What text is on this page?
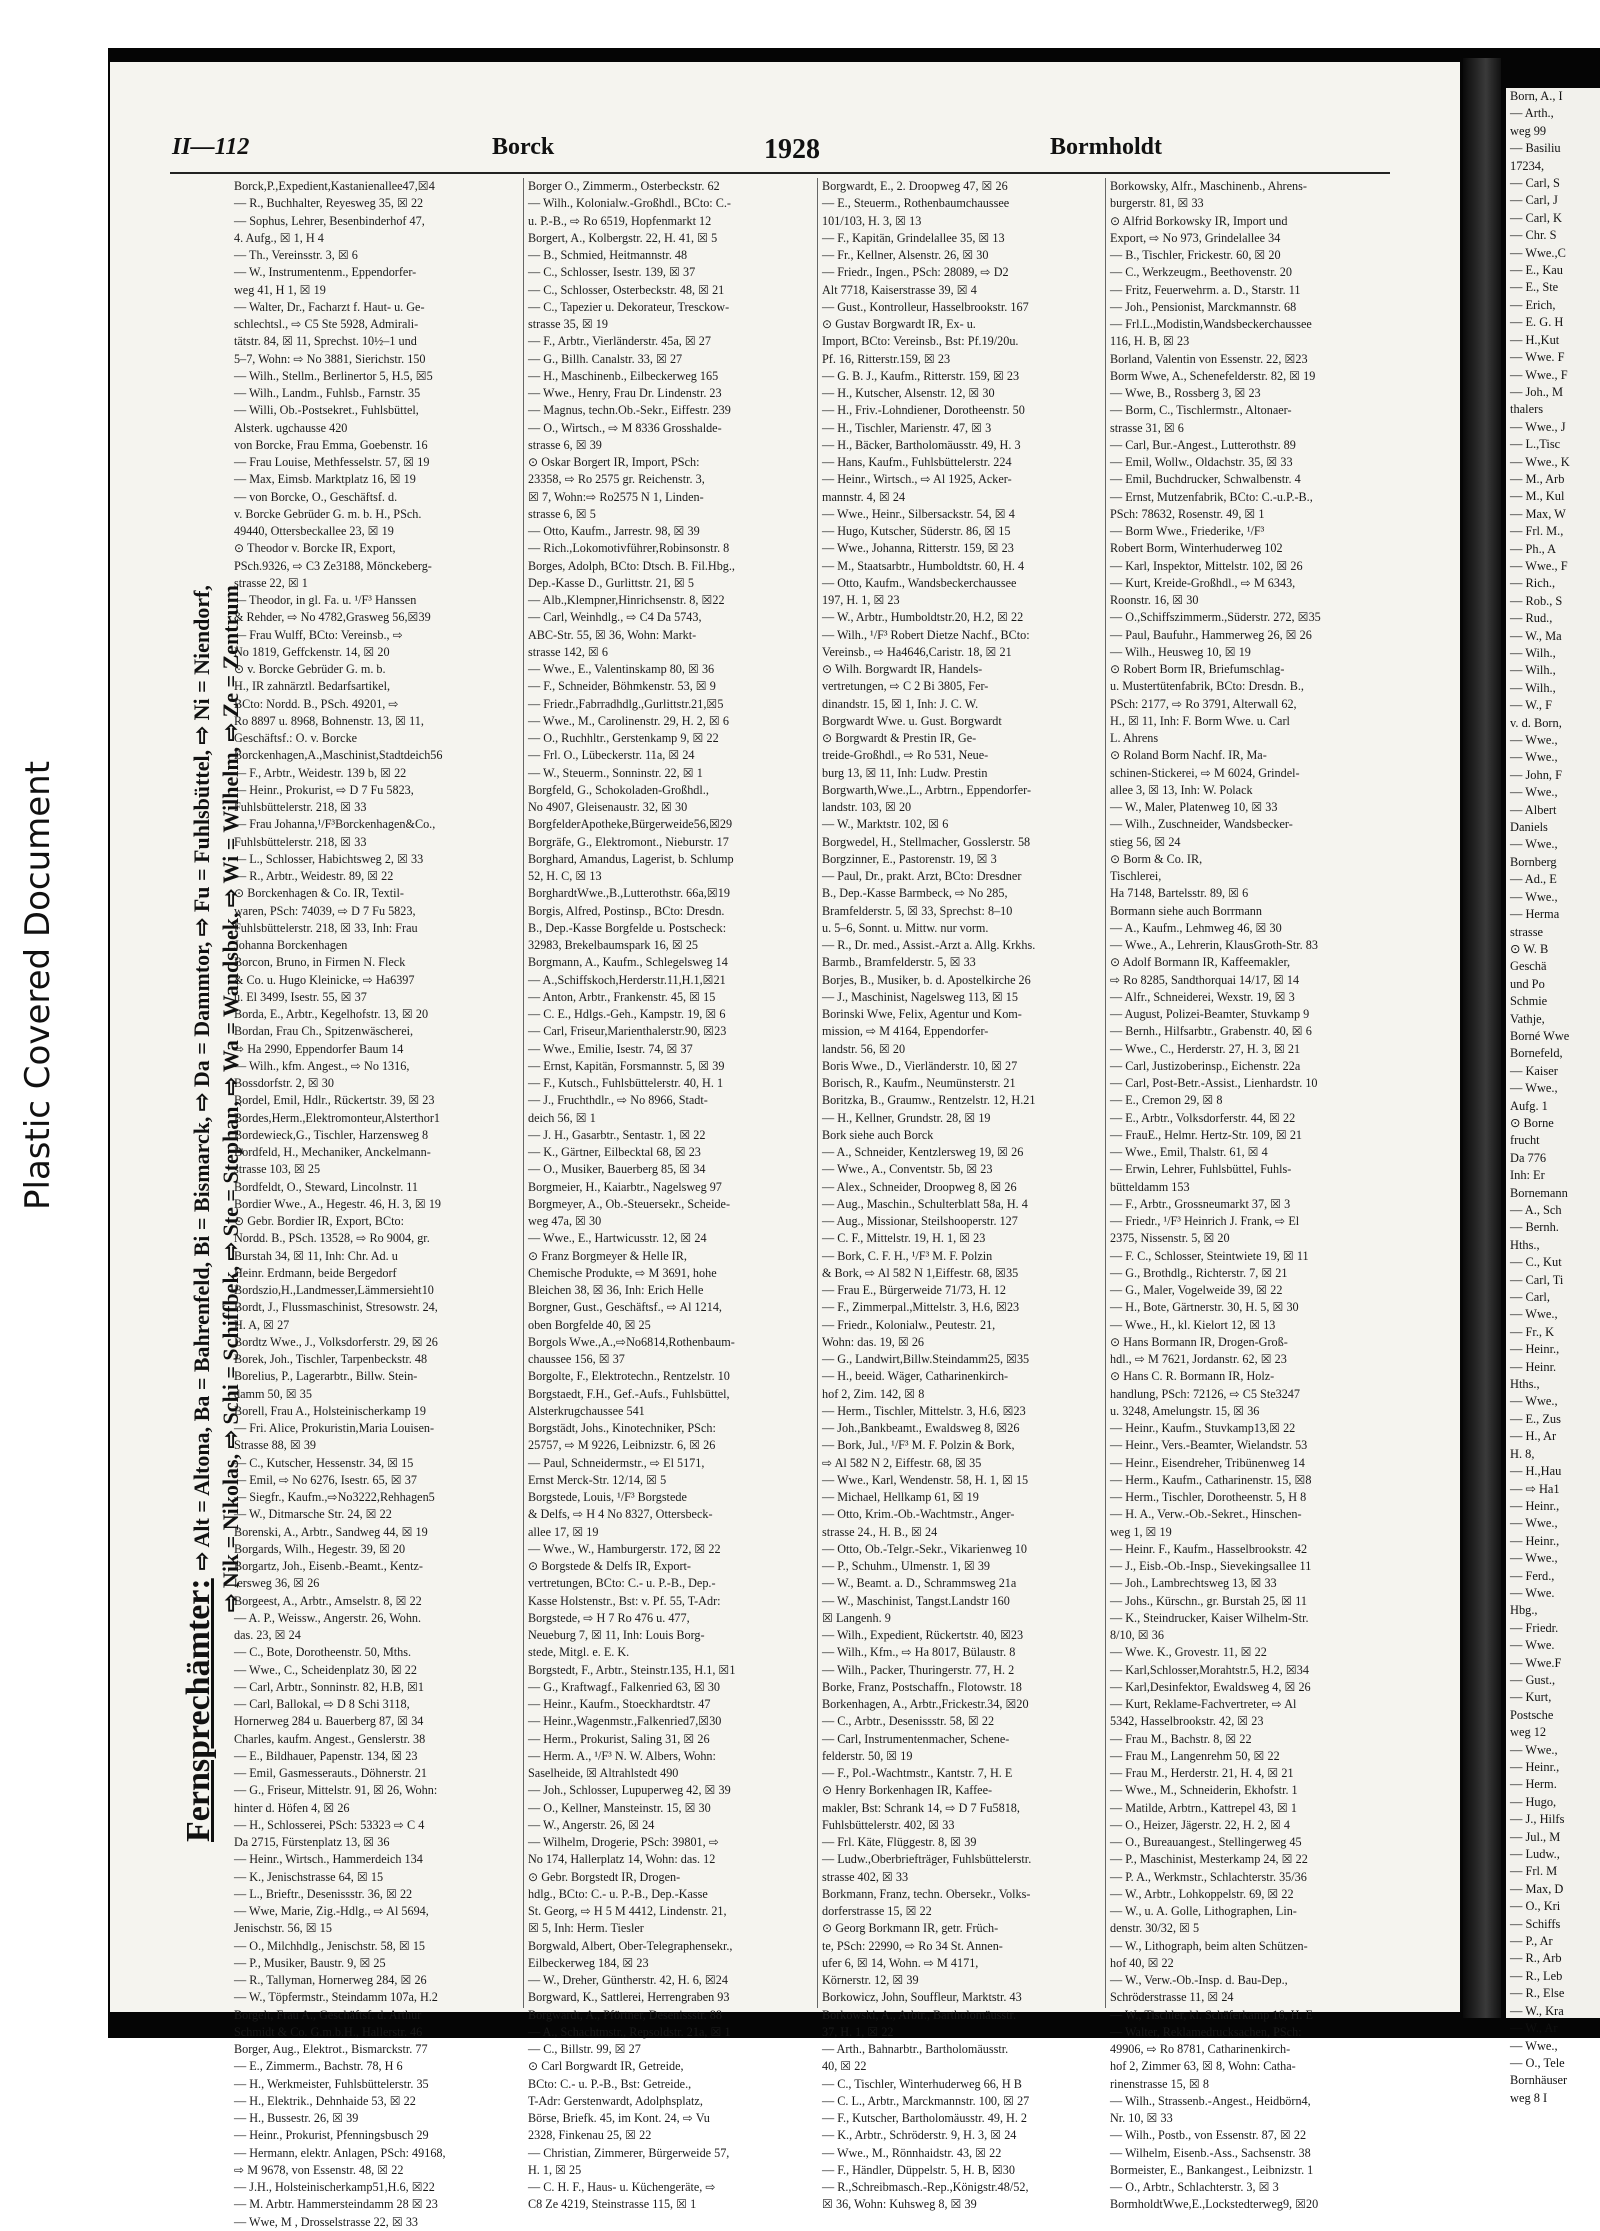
Plastic Covered Document
II—112	Borck	1928	Bormholdt
Fernsprechämter:⇨ Alt = Altona, Ba = Bahrenfeld, Bi = Bismarck, ⇨ Da = Dammtor, ⇨ Fu = Fuhlsbüttel, ⇨ Ni = Niendorf, ⇨ Nik = Nikolas, ⇨ Schi = Schiffbek, ⇨ Ste = Stephan, ⇨ Wa = Wandsbek, ⇨ Wi = Wilhelm, ⇨ Ze = Zentrum
Borck,P.,Expedient,Kastanienallee47,☒4
— R., Buchhalter, Reyesweg 35, ☒ 22
— Sophus, Lehrer, Besenbinderhof 47,
4. Aufg., ☒ 1, H 4
— Th., Vereinsstr. 3, ☒ 6
— W., Instrumentenm., Eppendorfer-
weg 41, H 1, ☒ 19
— Walter, Dr., Facharzt f. Haut- u. Ge-
schlechtsl., ⇨ C5 Ste 5928, Admirali-
tätstr. 84, ☒ 11, Sprechst. 10½–1 und
5–7, Wohn: ⇨ No 3881, Sierichstr. 150
— Wilh., Stellm., Berlinertor 5, H.5, ☒5
— Wilh., Landm., Fuhlsb., Farnstr. 35
— Willi, Ob.-Postsekret., Fuhlsbüttel,
Alsterk. ugchausse 420
von Borcke, Frau Emma, Goebenstr. 16
— Frau Louise, Methfesselstr. 57, ☒ 19
— Max, Eimsb. Marktplatz 16, ☒ 19
— von Borcke, O., Geschäftsf. d.
v. Borcke Gebrüder G. m. b. H., PSch.
49440, Ottersbeckallee 23, ☒ 19
⊙ Theodor v. Borcke IR, Export,
PSch.9326, ⇨ C3 Ze3188, Mönckeberg-
strasse 22, ☒ 1
— Theodor, in gl. Fa. u. ¹/F³ Hanssen
& Rehder, ⇨ No 4782,Grasweg 56,☒39
— Frau Wulff, BCto: Vereinsb., ⇨
No 1819, Geffckenstr. 14, ☒ 20
⊙ v. Borcke Gebrüder G. m. b.
H., IR zahnärztl. Bedarfsartikel,
BCto: Nordd. B., PSch. 49201, ⇨
Ro 8897 u. 8968, Bohnenstr. 13, ☒ 11,
Geschäftsf.: O. v. Borcke
Borckenhagen,A.,Maschinist,Stadtdeich56
— F., Arbtr., Weidestr. 139 b, ☒ 22
— Heinr., Prokurist, ⇨ D 7 Fu 5823,
Fuhlsbüttelerstr. 218, ☒ 33
— Frau Johanna,¹/F³Borckenhagen&Co.,
Fuhlsbüttelerstr. 218, ☒ 33
— L., Schlosser, Habichtsweg 2, ☒ 33
— R., Arbtr., Weidestr. 89, ☒ 22
⊙ Borckenhagen & Co. IR, Textil-
waren, PSch: 74039, ⇨ D 7 Fu 5823,
Fuhlsbüttelerstr. 218, ☒ 33, Inh: Frau
Johanna Borckenhagen
Borcon, Bruno, in Firmen N. Fleck
& Co. u. Hugo Kleinicke, ⇨ Ha6397
u. El 3499, Isestr. 55, ☒ 37
Borda, E., Arbtr., Kegelhofstr. 13, ☒ 20
Bordan, Frau Ch., Spitzenwäscherei,
⇨ Ha 2990, Eppendorfer Baum 14
— Wilh., kfm. Angest., ⇨ No 1316,
Bossdorfstr. 2, ☒ 30
Bordel, Emil, Hdlr., Rückertstr. 39, ☒ 23
Bordes,Herm.,Elektromonteur,Alsterthor1
Bordewieck,G., Tischler, Harzensweg 8
Bordfeld, H., Mechaniker, Anckelmann-
strasse 103, ☒ 25
Bordfeldt, O., Steward, Lincolnstr. 11
Bordier Wwe., A., Hegestr. 46, H. 3, ☒ 19
⊙ Gebr. Bordier IR, Export, BCto:
Nordd. B., PSch. 13528, ⇨ Ro 9004, gr.
Burstah 34, ☒ 11, Inh: Chr. Ad. u
Heinr. Erdmann, beide Bergedorf
Bordszio,H.,Landmesser,Lämmersieht10
Bordt, J., Flussmaschinist, Stresowstr. 24,
H. A, ☒ 27
Bordtz Wwe., J., Volksdorferstr. 29, ☒ 26
Borek, Joh., Tischler, Tarpenbeckstr. 48
Borelius, P., Lagerarbtr., Billw. Stein-
damm 50, ☒ 35
Borell, Frau A., Holsteinischerkamp 19
— Fri. Alice, Prokuristin,Maria Louisen-
Strasse 88, ☒ 39
— C., Kutscher, Hessenstr. 34, ☒ 15
— Emil, ⇨ No 6276, Isestr. 65, ☒ 37
— Siegfr., Kaufm.,⇨No3222,Rehhagen5
— W., Ditmarsche Str. 24, ☒ 22
Borenski, A., Arbtr., Sandweg 44, ☒ 19
Borgards, Wilh., Hegestr. 39, ☒ 20
Borgartz, Joh., Eisenb.-Beamt., Kentz-
lersweg 36, ☒ 26
Borgeest, A., Arbtr., Amselstr. 8, ☒ 22
— A. P., Weissw., Angerstr. 26, Wohn.
das. 23, ☒ 24
— C., Bote, Dorotheenstr. 50, Mths.
— Wwe., C., Scheidenplatz 30, ☒ 22
— Carl, Arbtr., Sonninstr. 82, H.B, ☒1
— Carl, Ballokal, ⇨ D 8 Schi 3118,
Hornerweg 284 u. Bauerberg 87, ☒ 34
Charles, kaufm. Angest., Genslerstr. 38
— E., Bildhauer, Papenstr. 134, ☒ 23
— Emil, Gasmesserauts., Döhnerstr. 21
— G., Friseur, Mittelstr. 91, ☒ 26, Wohn:
hinter d. Höfen 4, ☒ 26
— H., Schlosserei, PSch: 53323 ⇨ C 4
Da 2715, Fürstenplatz 13, ☒ 36
— Heinr., Wirtsch., Hammerdeich 134
— K., Jenischstrasse 64, ☒ 15
— L., Brieftr., Desenissstr. 36, ☒ 22
— Wwe, Marie, Zig.-Hdlg., ⇨ Al 5694,
Jenischstr. 56, ☒ 15
— O., Milchhdlg., Jenischstr. 58, ☒ 15
— P., Musiker, Baustr. 9, ☒ 25
— R., Tallyman, Hornerweg 284, ☒ 26
— W., Töpfermstr., Steindamm 107a, H.2
Borgelt, Frau A., Geschäftsf. d. Arthur
Schmidt & Co. G.m.b.H., Hallerstr. 46
Borger, Aug., Elektrot., Bismarckstr. 77
— E., Zimmerm., Bachstr. 78, H 6
— H., Werkmeister, Fuhlsbüttelerstr. 35
— H., Elektrik., Dehnhaide 53, ☒ 22
— H., Bussestr. 26, ☒ 39
— Heinr., Prokurist, Pfenningsbusch 29
— Hermann, elektr. Anlagen, PSch: 49168,
⇨ M 9678, von Essenstr. 48, ☒ 22
— J.H., Holsteinischerkamp51,H.6, ☒22
— M. Arbtr. Hammersteindamm 28 ☒ 23
— Wwe, M , Drosselstrasse 22, ☒ 33
Borger O., Zimmerm., Osterbeckstr. 62
— Wilh., Kolonialw.-Großhdl., BCto: C.-
u. P.-B., ⇨ Ro 6519, Hopfenmarkt 12
Borgert, A., Kolbergstr. 22, H. 41, ☒ 5
— B., Schmied, Heitmannstr. 48
— C., Schlosser, Isestr. 139, ☒ 37
— C., Schlosser, Osterbeckstr. 48, ☒ 21
— C., Tapezier u. Dekorateur, Tresckow-
strasse 35, ☒ 19
— F., Arbtr., Vierländerstr. 45a, ☒ 27
— G., Billh. Canalstr. 33, ☒ 27
— H., Maschinenb., Eilbeckerweg 165
— Wwe., Henry, Frau Dr. Lindenstr. 23
— Magnus, techn.Ob.-Sekr., Eiffestr. 239
— O., Wirtsch., ⇨ M 8336 Grosshalde-
strasse 6, ☒ 39
⊙ Oskar Borgert IR, Import, PSch:
23358, ⇨ Ro 2575 gr. Reichenstr. 3,
☒ 7, Wohn:⇨ Ro2575 N 1, Linden-
strasse 6, ☒ 5
— Otto, Kaufm., Jarrestr. 98, ☒ 39
— Rich.,Lokomotivführer,Robinsonstr. 8
Borges, Adolph, BCto: Dtsch. B. Fil.Hbg.,
Dep.-Kasse D., Gurlittstr. 21, ☒ 5
— Alb.,Klempner,Hinrichsenstr. 8, ☒22
— Carl, Weinhdlg., ⇨ C4 Da 5743,
ABC-Str. 55, ☒ 36, Wohn: Markt-
strasse 142, ☒ 6
— Wwe., E., Valentinskamp 80, ☒ 36
— F., Schneider, Böhmkenstr. 53, ☒ 9
— Friedr.,Fabrradhdlg.,Gurlittstr.21,☒5
— Wwe., M., Carolinenstr. 29, H. 2, ☒ 6
— O., Ruchhltr., Gerstenkamp 9, ☒ 22
— Frl. O., Lübeckerstr. 11a, ☒ 24
— W., Steuerm., Sonninstr. 22, ☒ 1
Borgfeld, G., Schokoladen-Großhdl.,
No 4907, Gleisenaustr. 32, ☒ 30
BorgfelderApotheke,Bürgerweide56,☒29
Borgräfe, G., Elektromont., Nieburstr. 17
Borghard, Amandus, Lagerist, b. Schlump
52, H. C, ☒ 13
BorghardtWwe.,B.,Lutterothstr. 66a,☒19
Borgis, Alfred, Postinsp., BCto: Dresdn.
B., Dep.-Kasse Borgfelde u. Postscheck:
32983, Brekelbaumspark 16, ☒ 25
Borgmann, A., Kaufm., Schlegelsweg 14
— A.,Schiffskoch,Herderstr.11,H.1,☒21
— Anton, Arbtr., Frankenstr. 45, ☒ 15
— C. E., Hdlgs.-Geh., Kampstr. 19, ☒ 6
— Carl, Friseur,Marienthalerstr.90, ☒23
— Wwe., Emilie, Isestr. 74, ☒ 37
— Ernst, Kapitän, Forsmannstr. 5, ☒ 39
— F., Kutsch., Fuhlsbüttelerstr. 40, H. 1
— J., Fruchthdlr., ⇨ No 8966, Stadt-
deich 56, ☒ 1
— J. H., Gasarbtr., Sentastr. 1, ☒ 22
— K., Gärtner, Eilbecktal 68, ☒ 23
— O., Musiker, Bauerberg 85, ☒ 34
Borgmeier, H., Kaiarbtr., Nagelsweg 97
Borgmeyer, A., Ob.-Steuersekr., Scheide-
weg 47a, ☒ 30
— Wwe., E., Hartwicusstr. 12, ☒ 24
⊙ Franz Borgmeyer & Helle IR,
Chemische Produkte, ⇨ M 3691, hohe
Bleichen 38, ☒ 36, Inh: Erich Helle
Borgner, Gust., Geschäftsf., ⇨ Al 1214,
oben Borgfelde 40, ☒ 25
Borgols Wwe.,A.,⇨No6814,Rothenbaum-
chaussee 156, ☒ 37
Borgolte, F., Elektrotechn., Rentzelstr. 10
Borgstaedt, F.H., Gef.-Aufs., Fuhlsbüttel,
Alsterkrugchaussee 541
Borgstädt, Johs., Kinotechniker, PSch:
25757, ⇨ M 9226, Leibnizstr. 6, ☒ 26
— Paul, Schneidermstr., ⇨ El 5171,
Ernst Merck-Str. 12/14, ☒ 5
Borgstede, Louis, ¹/F³ Borgstede
& Delfs, ⇨ H 4 No 8327, Ottersbeck-
allee 17, ☒ 19
— Wwe., W., Hamburgerstr. 172, ☒ 22
⊙ Borgstede & Delfs IR, Export-
vertretungen, BCto: C.- u. P.-B., Dep.-
Kasse Holstenstr., Bst: v. Pf. 55, T-Adr:
Borgstede, ⇨ H 7 Ro 476 u. 477,
Neueburg 7, ☒ 11, Inh: Louis Borg-
stede, Mitgl. e. E. K.
Borgstedt, F., Arbtr., Steinstr.135, H.1, ☒1
— G., Kraftwagf., Falkenried 63, ☒ 30
— Heinr., Kaufm., Stoeckhardtstr. 47
— Heinr.,Wagenmstr.,Falkenried7,☒30
— Herm., Prokurist, Saling 31, ☒ 26
— Herm. A., ¹/F³ N. W. Albers, Wohn:
Saselheide, ☒ Altrahlstedt 490
— Joh., Schlosser, Lupuperweg 42, ☒ 39
— O., Kellner, Mansteinstr. 15, ☒ 30
— W., Angerstr. 26, ☒ 24
— Wilhelm, Drogerie, PSch: 39801, ⇨
No 174, Hallerplatz 14, Wohn: das. 12
⊙ Gebr. Borgstedt IR, Drogen-
hdlg., BCto: C.- u. P.-B., Dep.-Kasse
St. Georg, ⇨ H 5 M 4412, Lindenstr. 21,
☒ 5, Inh: Herm. Tiesler
Borgwald, Albert, Ober-Telegraphensekr.,
Eilbeckerweg 184, ☒ 23
— W., Dreher, Güntherstr. 42, H. 6, ☒24
Borgward, K., Sattlerei, Herrengraben 93
Borgwardt, A., Pförtner, Desenissstr. 88
— A., Schachtmstr., Repsoldstr. 21a, ☒ 1
— C., Billstr. 99, ☒ 27
⊙ Carl Borgwardt IR, Getreide,
BCto: C.- u. P.-B., Bst: Getreide.,
T-Adr: Gerstenwardt, Adolphsplatz,
Börse, Briefk. 45, im Kont. 24, ⇨ Vu
2328, Finkenau 25, ☒ 22
— Christian, Zimmerer, Bürgerweide 57,
H. 1, ☒ 25
— C. H. F., Haus- u. Küchengeräte, ⇨
C8 Ze 4219, Steinstrasse 115, ☒ 1
Borgwardt, E., 2. Droopweg 47, ☒ 26
— E., Steuerm., Rothenbaumchaussee
101/103, H. 3, ☒ 13
— F., Kapitän, Grindelallee 35, ☒ 13
— Fr., Kellner, Alsenstr. 26, ☒ 30
— Friedr., Ingen., PSch: 28089, ⇨ D2
Alt 7718, Kaiserstrasse 39, ☒ 4
— Gust., Kontrolleur, Hasselbrookstr. 167
⊙ Gustav Borgwardt IR, Ex- u.
Import, BCto: Vereinsb., Bst: Pf.19/20u.
Pf. 16, Ritterstr.159, ☒ 23
— G. B. J., Kaufm., Ritterstr. 159, ☒ 23
— H., Kutscher, Alsenstr. 12, ☒ 30
— H., Friv.-Lohndiener, Dorotheenstr. 50
— H., Tischler, Marienstr. 47, ☒ 3
— H., Bäcker, Bartholomäusstr. 49, H. 3
— Hans, Kaufm., Fuhlsbüttelerstr. 224
— Heinr., Wirtsch., ⇨ Al 1925, Acker-
mannstr. 4, ☒ 24
— Wwe., Heinr., Silbersackstr. 54, ☒ 4
— Hugo, Kutscher, Süderstr. 86, ☒ 15
— Wwe., Johanna, Ritterstr. 159, ☒ 23
— M., Staatsarbtr., Humboldtstr. 60, H. 4
— Otto, Kaufm., Wandsbeckerchaussee
197, H. 1, ☒ 23
— W., Arbtr., Humboldtstr.20, H.2, ☒ 22
— Wilh., ¹/F³ Robert Dietze Nachf., BCto:
Vereinsb., ⇨ Ha4646,Caristr. 18, ☒ 21
⊙ Wilh. Borgwardt IR, Handels-
vertretungen, ⇨ C 2 Bi 3805, Fer-
dinandstr. 15, ☒ 1, Inh: J. C. W.
Borgwardt Wwe. u. Gust. Borgwardt
⊙ Borgwardt & Prestin IR, Ge-
treide-Großhdl., ⇨ Ro 531, Neue-
burg 13, ☒ 11, Inh: Ludw. Prestin
Borgwarth,Wwe.,L., Arbtrn., Eppendorfer-
landstr. 103, ☒ 20
— W., Marktstr. 102, ☒ 6
Borgwedel, H., Stellmacher, Gosslerstr. 58
Borgzinner, E., Pastorenstr. 19, ☒ 3
— Paul, Dr., prakt. Arzt, BCto: Dresdner
B., Dep.-Kasse Barmbeck, ⇨ No 285,
Bramfelderstr. 5, ☒ 33, Sprechst: 8–10
u. 5–6, Sonnt. u. Mittw. nur vorm.
— R., Dr. med., Assist.-Arzt a. Allg. Krkhs.
Barmb., Bramfelderstr. 5, ☒ 33
Borjes, B., Musiker, b. d. Apostelkirche 26
— J., Maschinist, Nagelsweg 113, ☒ 15
Borinski Wwe, Felix, Agentur und Kom-
mission, ⇨ M 4164, Eppendorfer-
landstr. 56, ☒ 20
Boris Wwe., D., Vierländerstr. 10, ☒ 27
Borisch, R., Kaufm., Neumünsterstr. 21
Boritzka, B., Graumw., Rentzelstr. 12, H.21
— H., Kellner, Grundstr. 28, ☒ 19
Bork siehe auch Borck
— A., Schneider, Kentzlersweg 19, ☒ 26
— Wwe., A., Conventstr. 5b, ☒ 23
— Alex., Schneider, Droopweg 8, ☒ 26
— Aug., Maschin., Schulterblatt 58a, H. 4
— Aug., Missionar, Steilshooperstr. 127
— C. F., Mittelstr. 19, H. 1, ☒ 23
— Bork, C. F. H., ¹/F³ M. F. Polzin
& Bork, ⇨ Al 582 N 1,Eiffestr. 68, ☒35
— Frau E., Bürgerweide 71/73, H. 12
— F., Zimmerpal.,Mittelstr. 3, H.6, ☒23
— Friedr., Kolonialw., Peutestr. 21,
Wohn: das. 19, ☒ 26
— G., Landwirt,Billw.Steindamm25, ☒35
— H., beeid. Wäger, Catharinenkirch-
hof 2, Zim. 142, ☒ 8
— Herm., Tischler, Mittelstr. 3, H.6, ☒23
— Joh.,Bankbeamt., Ewaldsweg 8, ☒26
— Bork, Jul., ¹/F³ M. F. Polzin & Bork,
⇨ Al 582 N 2, Eiffestr. 68, ☒ 35
— Wwe., Karl, Wendenstr. 58, H. 1, ☒ 15
— Michael, Hellkamp 61, ☒ 19
— Otto, Krim.-Ob.-Wachtmstr., Anger-
strasse 24., H. B., ☒ 24
— Otto, Ob.-Telgr.-Sekr., Vikarienweg 10
— P., Schuhm., Ulmenstr. 1, ☒ 39
— W., Beamt. a. D., Schrammsweg 21a
— W., Maschinist, Tangst.Landstr 160
☒ Langenh. 9
— Wilh., Expedient, Rückertstr. 40, ☒23
— Wilh., Kfm., ⇨ Ha 8017, Bülaustr. 8
— Wilh., Packer, Thuringerstr. 77, H. 2
Borke, Franz, Postschaffn., Flotowstr. 18
Borkenhagen, A., Arbtr.,Frickestr.34, ☒20
— C., Arbtr., Desenissstr. 58, ☒ 22
— Carl, Instrumentenmacher, Schene-
felderstr. 50, ☒ 19
— F., Pol.-Wachtmstr., Kantstr. 7, H. E
⊙ Henry Borkenhagen IR, Kaffee-
makler, Bst: Schrank 14, ⇨ D 7 Fu5818,
Fuhlsbüttelerstr. 402, ☒ 33
— Frl. Käte, Flüggestr. 8, ☒ 39
— Ludw.,Oberbriefträger, Fuhlsbüttelerstr.
strasse 402, ☒ 33
Borkmann, Franz, techn. Obersekr., Volks-
dorferstrasse 15, ☒ 22
⊙ Georg Borkmann IR, getr. Früch-
te, PSch: 22990, ⇨ Ro 34 St. Annen-
ufer 6, ☒ 14, Wohn. ⇨ M 4171,
Körnerstr. 12, ☒ 39
Borkowicz, John, Souffleur, Marktstr. 43
Borkowski, A., Arbtr., Bartholomäusstr.
37, H. 1, ☒ 22
— Arth., Bahnarbtr., Bartholomäusstr.
40, ☒ 22
— C., Tischler, Winterhuderweg 66, H B
— C. L., Arbtr., Marckmannstr. 100, ☒ 27
— F., Kutscher, Bartholomäusstr. 49, H. 2
— K., Arbtr., Schröderstr. 9, H. 3, ☒ 24
— Wwe., M., Rönnhaidstr. 43, ☒ 22
— F., Händler, Düppelstr. 5, H. B, ☒30
— R.,Schreibmasch.-Rep.,Königstr.48/52,
☒ 36, Wohn: Kuhsweg 8, ☒ 39
Borkowsky, Alfr., Maschinenb., Ahrens-
burgerstr. 81, ☒ 33
⊙ Alfrid Borkowsky IR, Import und
Export, ⇨ No 973, Grindelallee 34
— B., Tischler, Frickestr. 60, ☒ 20
— C., Werkzeugm., Beethovenstr. 20
— Fritz, Feuerwehrm. a. D., Starstr. 11
— Joh., Pensionist, Marckmannstr. 68
— Frl.L.,Modistin,Wandsbeckerchaussee
116, H. B, ☒ 23
Borland, Valentin von Essenstr. 22, ☒23
Borm Wwe, A., Schenefelderstr. 82, ☒ 19
— Wwe, B., Rossberg 3, ☒ 23
— Borm, C., Tischlermstr., Altonaer-
strasse 31, ☒ 6
— Carl, Bur.-Angest., Lutterothstr. 89
— Emil, Wollw., Oldachstr. 35, ☒ 33
— Emil, Buchdrucker, Schwalbenstr. 4
— Ernst, Mutzenfabrik, BCto: C.-u.P.-B.,
PSch: 78632, Rosenstr. 49, ☒ 1
— Borm Wwe., Friederike, ¹/F³
Robert Borm, Winterhuderweg 102
— Karl, Inspektor, Mittelstr. 102, ☒ 26
— Kurt, Kreide-Großhdl., ⇨ M 6343,
Roonstr. 16, ☒ 30
— O.,Schiffszimmerm.,Süderstr. 272, ☒35
— Paul, Baufuhr., Hammerweg 26, ☒ 26
— Wilh., Heusweg 10, ☒ 19
⊙ Robert Borm IR, Briefumschlag-
u. Mustertütenfabrik, BCto: Dresdn. B.,
PSch: 2177, ⇨ Ro 3791, Alterwall 62,
H., ☒ 11, Inh: F. Borm Wwe. u. Carl
L. Ahrens
⊙ Roland Borm Nachf. IR, Ma-
schinen-Stickerei, ⇨ M 6024, Grindel-
allee 3, ☒ 13, Inh: W. Polack
— W., Maler, Platenweg 10, ☒ 33
— Wilh., Zuschneider, Wandsbecker-
stieg 56, ☒ 24
⊙ Borm & Co. IR,
Tischlerei,
Ha 7148, Bartelsstr. 89, ☒ 6
Bormann siehe auch Borrmann
— A., Kaufm., Lehmweg 46, ☒ 30
— Wwe., A., Lehrerin, KlausGroth-Str. 83
⊙ Adolf Bormann IR, Kaffeemakler,
⇨ Ro 8285, Sandthorquai 14/17, ☒ 14
— Alfr., Schneiderei, Wexstr. 19, ☒ 3
— August, Polizei-Beamter, Stuvkamp 9
— Bernh., Hilfsarbtr., Grabenstr. 40, ☒ 6
— Wwe., C., Herderstr. 27, H. 3, ☒ 21
— Carl, Justizoberinsp., Eichenstr. 22a
— Carl, Post-Betr.-Assist., Lienhardstr. 10
— E., Cremon 29, ☒ 8
— E., Arbtr., Volksdorferstr. 44, ☒ 22
— FrauE., Helmr. Hertz-Str. 109, ☒ 21
— Wwe., Emil, Thalstr. 61, ☒ 4
— Erwin, Lehrer, Fuhlsbüttel, Fuhls-
bütteldamm 153
— F., Arbtr., Grossneumarkt 37, ☒ 3
— Friedr., ¹/F³ Heinrich J. Frank, ⇨ El
2375, Nissenstr. 5, ☒ 20
— F. C., Schlosser, Steintwiete 19, ☒ 11
— G., Brothdlg., Richterstr. 7, ☒ 21
— G., Maler, Vogelweide 39, ☒ 22
— H., Bote, Gärtnerstr. 30, H. 5, ☒ 30
— Wwe., H., kl. Kielort 12, ☒ 13
⊙ Hans Bormann IR, Drogen-Groß-
hdl., ⇨ M 7621, Jordanstr. 62, ☒ 23
⊙ Hans C. R. Bormann IR, Holz-
handlung, PSch: 72126, ⇨ C5 Ste3247
u. 3248, Amelungstr. 15, ☒ 36
— Heinr., Kaufm., Stuvkamp13,☒ 22
— Heinr., Vers.-Beamter, Wielandstr. 53
— Heinr., Eisendreher, Tribünenweg 14
— Herm., Kaufm., Catharinenstr. 15, ☒8
— Herm., Tischler, Dorotheenstr. 5, H 8
— H. A., Verw.-Ob.-Sekret., Hinschen-
weg 1, ☒ 19
— Heinr. F., Kaufm., Hasselbrookstr. 42
— J., Eisb.-Ob.-Insp., Sievekingsallee 11
— Joh., Lambrechtsweg 13, ☒ 33
— Johs., Kürschn., gr. Burstah 25, ☒ 11
— K., Steindrucker, Kaiser Wilhelm-Str.
8/10, ☒ 36
— Wwe. K., Grovestr. 11, ☒ 22
— Karl,Schlosser,Morahtstr.5, H.2, ☒34
— Karl,Desinfektor, Ewaldsweg 4, ☒ 26
— Kurt, Reklame-Fachvertreter, ⇨ Al
5342, Hasselbrookstr. 42, ☒ 23
— Frau M., Bachstr. 8, ☒ 22
— Frau M., Langenrehm 50, ☒ 22
— Frau M., Herderstr. 21, H. 4, ☒ 21
— Wwe., M., Schneiderin, Ekhofstr. 1
— Matilde, Arbtrn., Kattrepel 43, ☒ 1
— O., Heizer, Jägerstr. 22, H. 2, ☒ 4
— O., Bureauangest., Stellingerweg 45
— P., Maschinist, Mesterkamp 24, ☒ 22
— P. A., Werkmstr., Schlachterstr. 35/36
— W., Arbtr., Lohkoppelstr. 69, ☒ 22
— W., u. A. Golle, Lithographen, Lin-
denstr. 30/32, ☒ 5
— W., Lithograph, beim alten Schützen-
hof 40, ☒ 22
— W., Verw.-Ob.-Insp. d. Bau-Dep.,
Schröderstrasse 11, ☒ 24
— W., Tischler, kl. Schäferkamp 16, H. E
— Walter, Reklamedrucksachen, PSch:
49906, ⇨ Ro 8781, Catharinenkirch-
hof 2, Zimmer 63, ☒ 8, Wohn: Catha-
rinenstrasse 15, ☒ 8
— Wilh., Strassenb.-Angest., Heidbörn4,
Nr. 10, ☒ 33
— Wilh., Postb., von Essenstr. 87, ☒ 22
— Wilhelm, Eisenb.-Ass., Sachsenstr. 38
Bormeister, E., Bankangest., Leibnizstr. 1
— O., Arbtr., Schlachterstr. 3, ☒ 3
BormholdtWwe,E.,Lockstedterweg9, ☒20
Born, A., I
— Arth.,
weg 99
— Basiliu
17234,
— Carl, S
— Carl, J
— Carl, K
— Chr. S
— Wwe.,C
— E., Kau
— E., Ste
— Erich,
— E. G. H
— H.,Kut
— Wwe. F
— Wwe., F
— Joh., M
thalers
— Wwe., J
— L.,Tisc
— Wwe., K
— M., Arb
— M., Kul
— Max, W
— Frl. M.,
— Ph., A
— Wwe., F
— Rich.,
— Rob., S
— Rud.,
— W., Ma
— Wilh.,
— Wilh.,
— Wilh.,
— W., F
v. d. Born,
— Wwe.,
— Wwe.,
— John, F
— Wwe.,
— Albert
Daniels
— Wwe.,
Bornberg
— Ad., E
— Wwe.,
— Herma
strasse
⊙ W. B
Geschä
und Po
Schmie
Vathje,
Borné Wwe
Bornefeld,
— Kaiser
— Wwe.,
Aufg. 1
⊙ Borne
frucht
Da 776
Inh: Er
Bornemann
— A., Sch
— Bernh.
Hths.,
— C., Kut
— Carl, Ti
— Carl,
— Wwe.,
— Fr., K
— Heinr.,
— Heinr.
Hths.,
— Wwe.,
— E., Zus
— H., Ar
H. 8,
— H.,Hau
— ⇨ Ha1
— Heinr.,
— Wwe.,
— Heinr.,
— Wwe.,
— Ferd.,
— Wwe.
Hbg.,
— Friedr.
— Wwe.
— Wwe.F
— Gust.,
— Kurt,
Postsche
weg 12
— Wwe.,
— Heinr.,
— Herm.
— Hugo,
— J., Hilfs
— Jul., M
— Ludw.,
— Frl. M
— Max, D
— O., Kri
— Schiffs
— P., Ar
— R., Arb
— R., Leb
— R., Else
— W., Kra
— W., Ar
— Wwe.,
— O., Tele
Bornhäuser
weg 8 I
